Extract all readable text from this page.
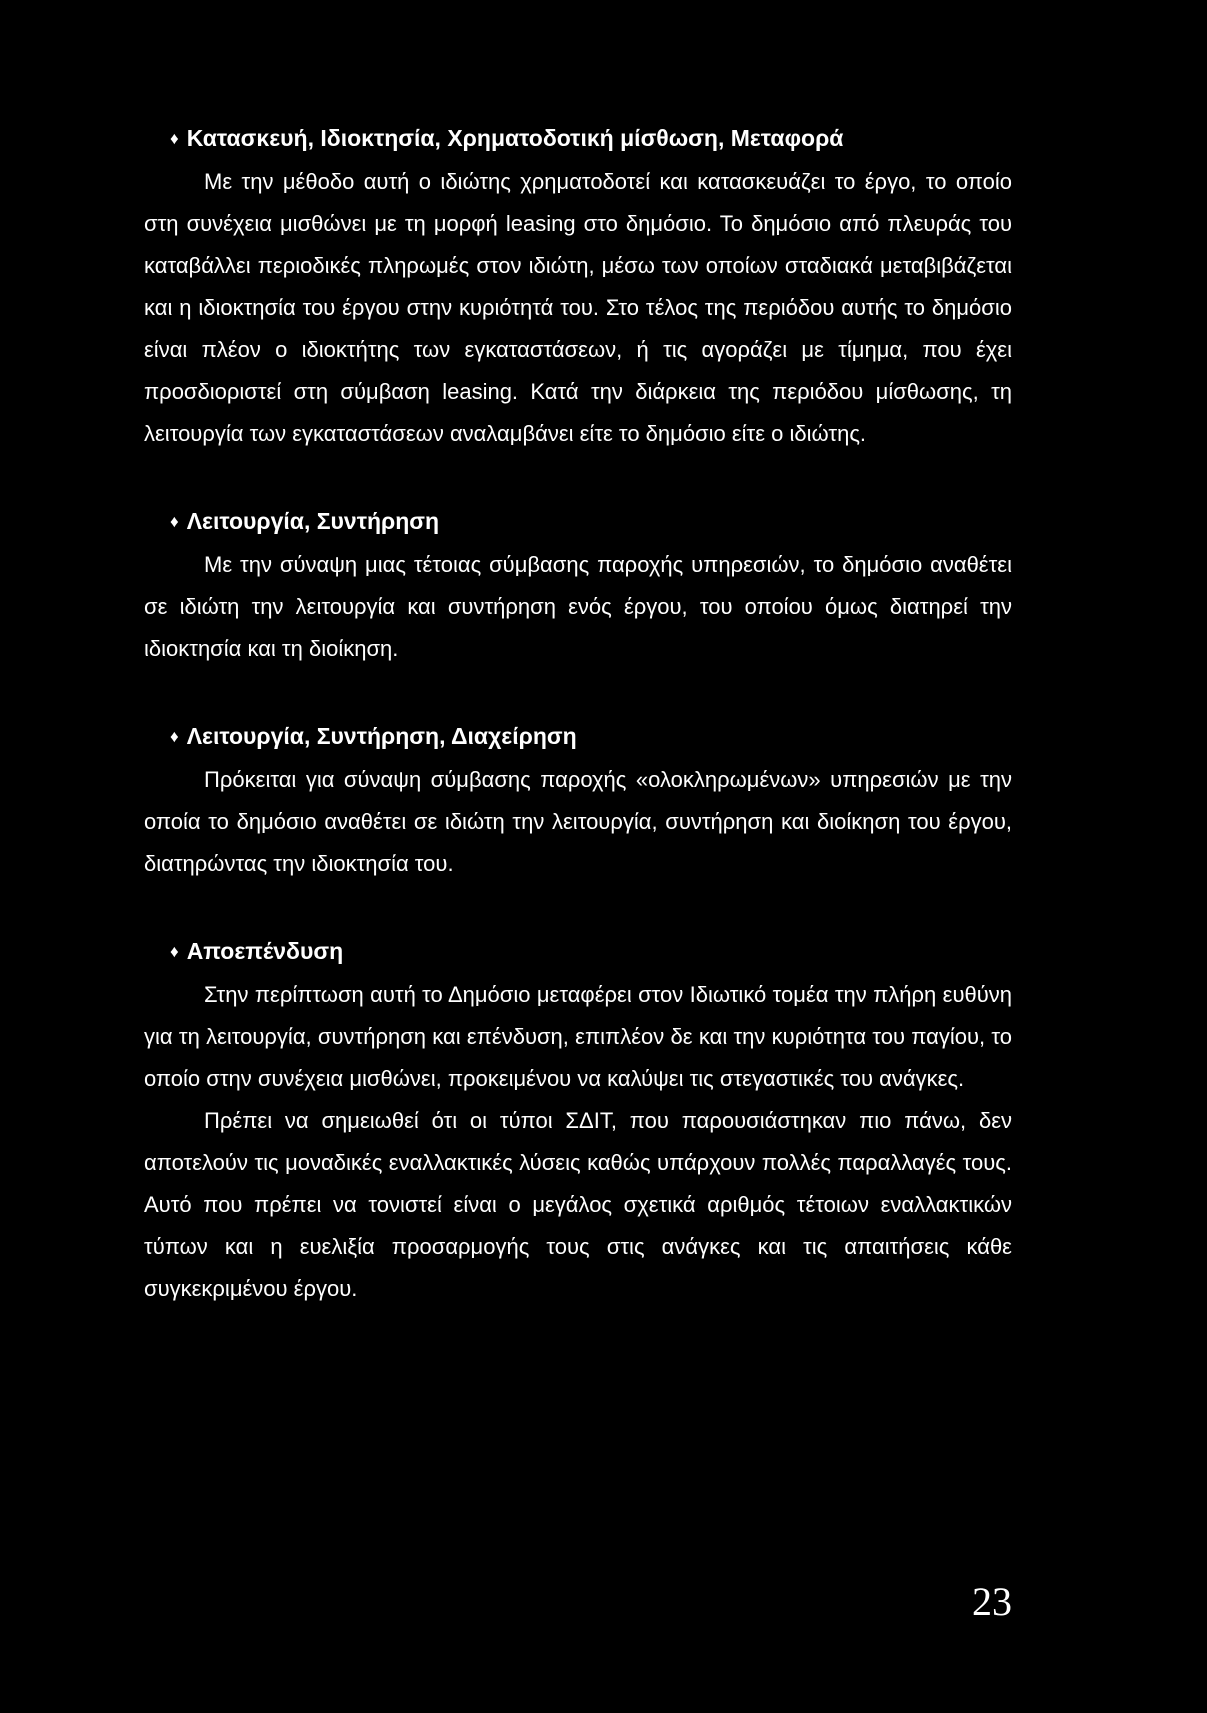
♦ Κατασκευή, Ιδιοκτησία, Χρηματοδοτική μίσθωση, Μεταφορά

Με την μέθοδο αυτή ο ιδιώτης χρηματοδοτεί και κατασκευάζει το έργο, το οποίο στη συνέχεια μισθώνει με τη μορφή leasing στο δημόσιο. Το δημόσιο από πλευράς του καταβάλλει περιοδικές πληρωμές στον ιδιώτη, μέσω των οποίων σταδιακά μεταβιβάζεται και η ιδιοκτησία του έργου στην κυριότητά του. Στο τέλος της περιόδου αυτής το δημόσιο είναι πλέον ο ιδιοκτήτης των εγκαταστάσεων, ή τις αγοράζει με τίμημα, που έχει προσδιοριστεί στη σύμβαση leasing. Κατά την διάρκεια της περιόδου μίσθωσης, τη λειτουργία των εγκαταστάσεων αναλαμβάνει είτε το δημόσιο είτε ο ιδιώτης.

♦ Λειτουργία, Συντήρηση

Με την σύναψη μιας τέτοιας σύμβασης παροχής υπηρεσιών, το δημόσιο αναθέτει σε ιδιώτη την λειτουργία και συντήρηση ενός έργου, του οποίου όμως διατηρεί την ιδιοκτησία και τη διοίκηση.

♦ Λειτουργία, Συντήρηση, Διαχείρηση

Πρόκειται για σύναψη σύμβασης παροχής «ολοκληρωμένων» υπηρεσιών με την οποία το δημόσιο αναθέτει σε ιδιώτη την λειτουργία, συντήρηση και διοίκηση του έργου, διατηρώντας την ιδιοκτησία του.

♦ Αποεπένδυση

Στην περίπτωση αυτή το Δημόσιο μεταφέρει στον Ιδιωτικό τομέα την πλήρη ευθύνη για τη λειτουργία, συντήρηση και επένδυση, επιπλέον δε και την κυριότητα του παγίου, το οποίο στην συνέχεια μισθώνει, προκειμένου να καλύψει τις στεγαστικές του ανάγκες.

Πρέπει να σημειωθεί ότι οι τύποι ΣΔΙΤ, που παρουσιάστηκαν πιο πάνω, δεν αποτελούν τις μοναδικές εναλλακτικές λύσεις καθώς υπάρχουν πολλές παραλλαγές τους. Αυτό που πρέπει να τονιστεί είναι ο μεγάλος σχετικά αριθμός τέτοιων εναλλακτικών τύπων και η ευελιξία προσαρμογής τους στις ανάγκες και τις απαιτήσεις κάθε συγκεκριμένου έργου.

23
